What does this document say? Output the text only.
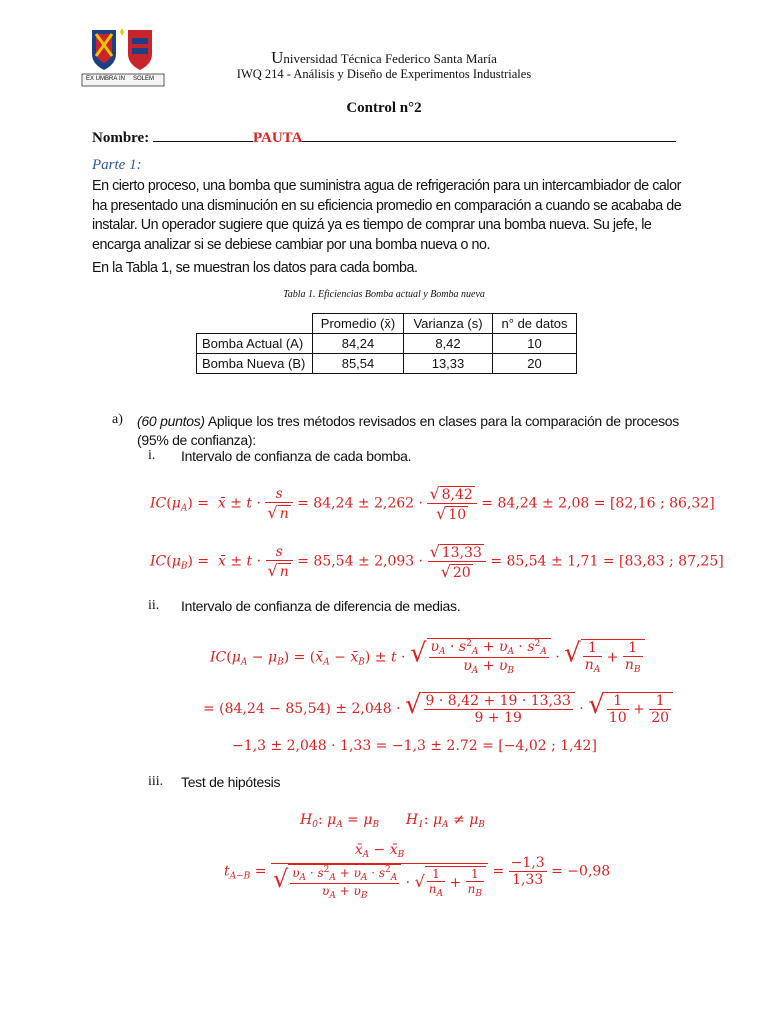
EX UMBRA IN SOLEM
Universidad Técnica Federico Santa María
IWQ 214 - Análisis y Diseño de Experimentos Industriales
Control n°2
Nombre:	PAUTA
Parte 1:
En cierto proceso, una bomba que suministra agua de refrigeración para un intercambiador de calor ha presentado una disminución en su eficiencia promedio en comparación a cuando se acababa de instalar. Un operador sugiere que quizá ya es tiempo de comprar una bomba nueva. Su jefe, le encarga analizar si se debiese cambiar por una bomba nueva o no.
En la Tabla 1, se muestran los datos para cada bomba.
Tabla 1. Eficiencias Bomba actual y Bomba nueva
	Promedio (x̄)	Varianza (s)	n° de datos
Bomba Actual (A)	84,24	8,42	10
Bomba Nueva (B)	85,54	13,33	20
a) (60 puntos) Aplique los tres métodos revisados en clases para la comparación de procesos (95% de confianza):
i. Intervalo de confianza de cada bomba.
$IC(\mu_A)$ =  x̄ ± $t \cdot \frac{s}{√ n} = 84,24 \pm 2,262 \cdot \frac{√ 8,42}{√ 10} = 84,24 \pm 2,08 = [82,16$ ; 86,32]
$IC(\mu_B)$ =  x̄ ± $t \cdot \frac{s}{√ n} = 85,54 \pm 2,093 \cdot \frac{√ 13,33}{√ 20} = 85,54 \pm 1,71 = [83,83$ ; 87,25]
ii. Intervalo de confianza de diferencia de medias.
$IC(\mu_A - \mu_B)$ = ($x̄_A$ − $x̄_B) \pm t$ · √ $\frac{\upsilon_A \cdot s^2_A + \upsilon_A \cdot s^2_A}{\upsilon_A + \upsilon_B}$ · √ $\frac{1}{n_A} + \frac{1}{n_B}$
= (84,24 − 85,54) ± 2,048 · √ $\frac{9 \cdot 8,42 + 19 \cdot 13,33}{9 + 19}$ · √ $\frac{1}{10} + \frac{1}{20}$
−1,3 ± 2,048 · 1,33 = −1,3 ± 2.72 = [−4,02 ; 1,42]
iii. Test de hipótesis
$H_0$: $\mu_A = \mu_B$ $H_1$: $\mu_A \ne \mu_B$
$t_{A-B} = \frac{x̄_A - x̄_B}{√ \frac{\upsilon_A \cdot s^2_A + \upsilon_A \cdot s^2_A}{\upsilon_A + \upsilon_B} \cdot √ \frac{1}{n_A} + \frac{1}{n_B}} = \frac{-1,3}{1,33} = -0,98$
